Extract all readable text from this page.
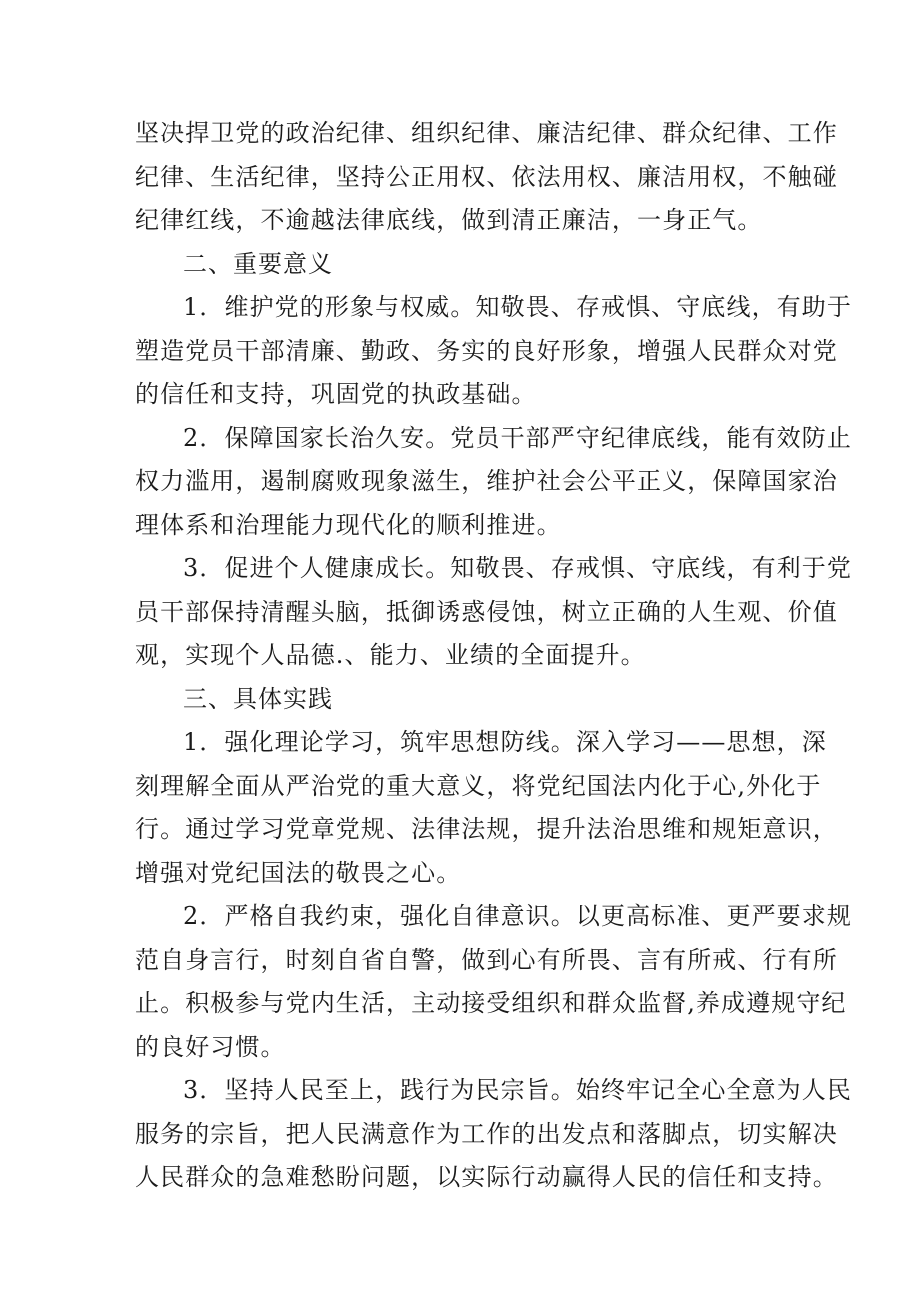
坚决捍卫党的政治纪律、组织纪律、廉洁纪律、群众纪律、工作
纪律、生活纪律，坚持公正用权、依法用权、廉洁用权，不触碰
纪律红线，不逾越法律底线，做到清正廉洁，一身正气。

二、重要意义

1．维护党的形象与权威。知敬畏、存戒惧、守底线，有助于
塑造党员干部清廉、勤政、务实的良好形象，增强人民群众对党
的信任和支持，巩固党的执政基础。

2．保障国家长治久安。党员干部严守纪律底线，能有效防止
权力滥用，遏制腐败现象滋生，维护社会公平正义，保障国家治
理体系和治理能力现代化的顺利推进。

3．促进个人健康成长。知敬畏、存戒惧、守底线，有利于党
员干部保持清醒头脑，抵御诱惑侵蚀，树立正确的人生观、价值
观，实现个人品德.、能力、业绩的全面提升。

三、具体实践

1．强化理论学习，筑牢思想防线。深入学习——思想，深
刻理解全面从严治党的重大意义，将党纪国法内化于心,外化于
行。通过学习党章党规、法律法规，提升法治思维和规矩意识，
增强对党纪国法的敬畏之心。

2．严格自我约束，强化自律意识。以更高标准、更严要求规
范自身言行，时刻自省自警，做到心有所畏、言有所戒、行有所
止。积极参与党内生活，主动接受组织和群众监督,养成遵规守纪
的良好习惯。

3．坚持人民至上，践行为民宗旨。始终牢记全心全意为人民
服务的宗旨，把人民满意作为工作的出发点和落脚点，切实解决
人民群众的急难愁盼问题，以实际行动赢得人民的信任和支持。
